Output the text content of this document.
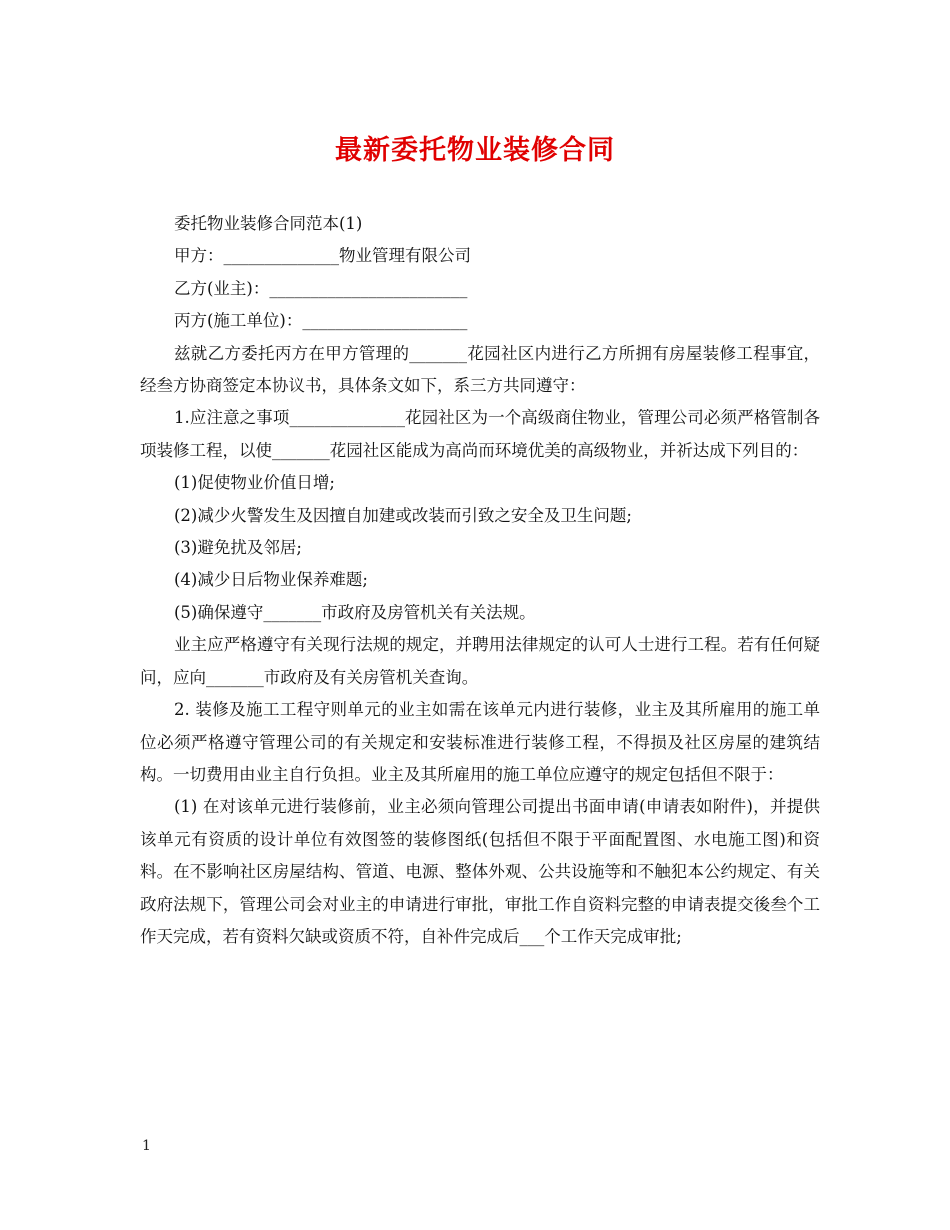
最新委托物业装修合同

委托物业装修合同范本(1)

甲方：______________物业管理有限公司

乙方(业主)：________________________

丙方(施工单位)：____________________

兹就乙方委托丙方在甲方管理的_______花园社区内进行乙方所拥有房屋装修工程事宜，经叁方协商签定本协议书，具体条文如下，系三方共同遵守：

1.应注意之事项______________花园社区为一个高级商住物业，管理公司必须严格管制各项装修工程，以使_______花园社区能成为高尚而环境优美的高级物业，并祈达成下列目的：

(1)促使物业价值日增;

(2)减少火警发生及因擅自加建或改装而引致之安全及卫生问题;

(3)避免扰及邻居;

(4)减少日后物业保养难题;

(5)确保遵守_______市政府及房管机关有关法规。

业主应严格遵守有关现行法规的规定，并聘用法律规定的认可人士进行工程。若有任何疑问，应向_______市政府及有关房管机关查询。

2. 装修及施工工程守则单元的业主如需在该单元内进行装修，业主及其所雇用的施工单位必须严格遵守管理公司的有关规定和安装标准进行装修工程，不得损及社区房屋的建筑结构。一切费用由业主自行负担。业主及其所雇用的施工单位应遵守的规定包括但不限于：

(1) 在对该单元进行装修前，业主必须向管理公司提出书面申请(申请表如附件)，并提供该单元有资质的设计单位有效图签的装修图纸(包括但不限于平面配置图、水电施工图)和资料。在不影响社区房屋结构、管道、电源、整体外观、公共设施等和不触犯本公约规定、有关政府法规下，管理公司会对业主的申请进行审批，审批工作自资料完整的申请表提交後叁个工作天完成，若有资料欠缺或资质不符，自补件完成后___个工作天完成审批;

1
